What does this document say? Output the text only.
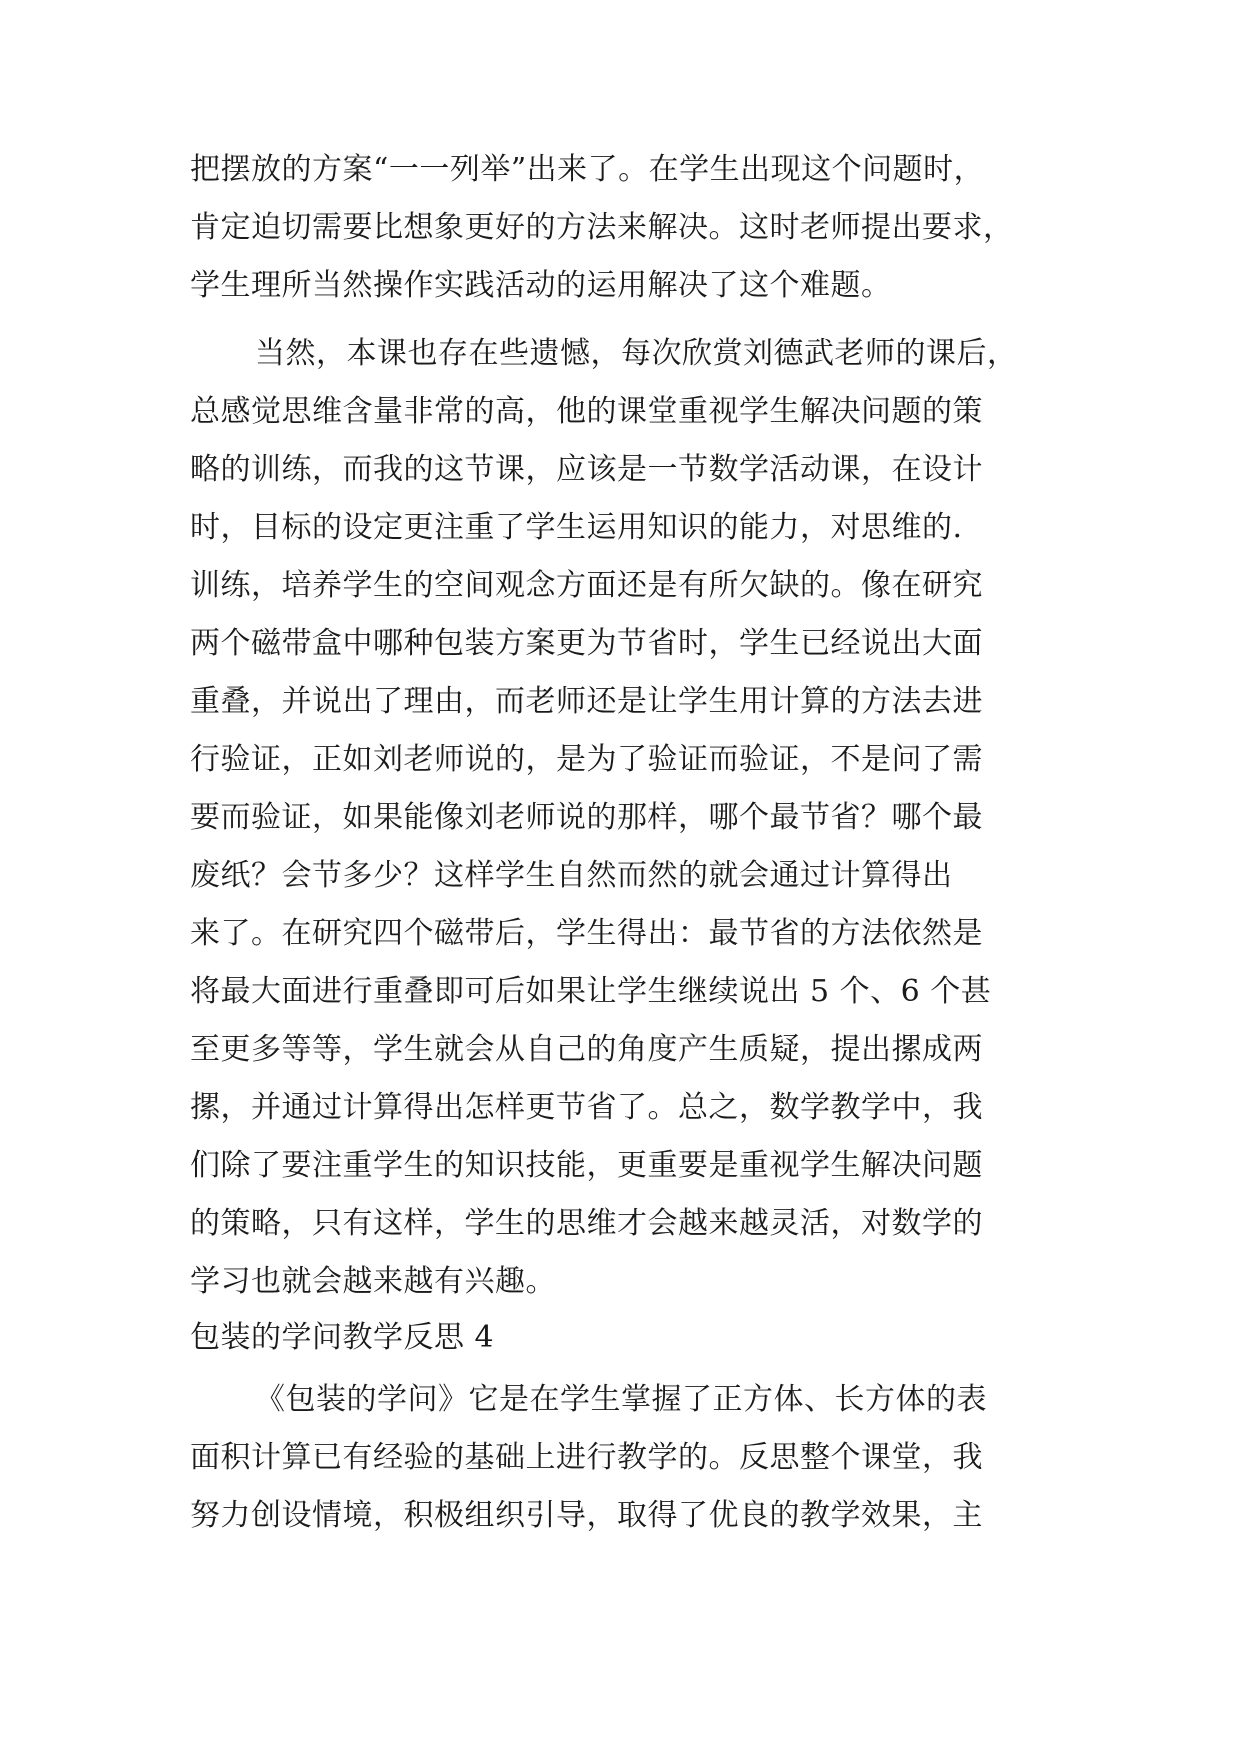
把摆放的方案“一一列举”出来了。在学生出现这个问题时，
肯定迫切需要比想象更好的方法来解决。这时老师提出要求，
学生理所当然操作实践活动的运用解决了这个难题。
当然，本课也存在些遗憾，每次欣赏刘德武老师的课后，
总感觉思维含量非常的高，他的课堂重视学生解决问题的策
略的训练，而我的这节课，应该是一节数学活动课，在设计
时，目标的设定更注重了学生运用知识的能力，对思维的.
训练，培养学生的空间观念方面还是有所欠缺的。像在研究
两个磁带盒中哪种包装方案更为节省时，学生已经说出大面
重叠，并说出了理由，而老师还是让学生用计算的方法去进
行验证，正如刘老师说的，是为了验证而验证，不是问了需
要而验证，如果能像刘老师说的那样，哪个最节省？哪个最
废纸？会节多少？这样学生自然而然的就会通过计算得出
来了。在研究四个磁带后，学生得出：最节省的方法依然是
将最大面进行重叠即可后如果让学生继续说出 5 个、6 个甚
至更多等等，学生就会从自己的角度产生质疑，提出摞成两
摞，并通过计算得出怎样更节省了。总之，数学教学中，我
们除了要注重学生的知识技能，更重要是重视学生解决问题
的策略，只有这样，学生的思维才会越来越灵活，对数学的
学习也就会越来越有兴趣。
包装的学问教学反思 4
《包装的学问》它是在学生掌握了正方体、长方体的表
面积计算已有经验的基础上进行教学的。反思整个课堂，我
努力创设情境，积极组织引导，取得了优良的教学效果，主
